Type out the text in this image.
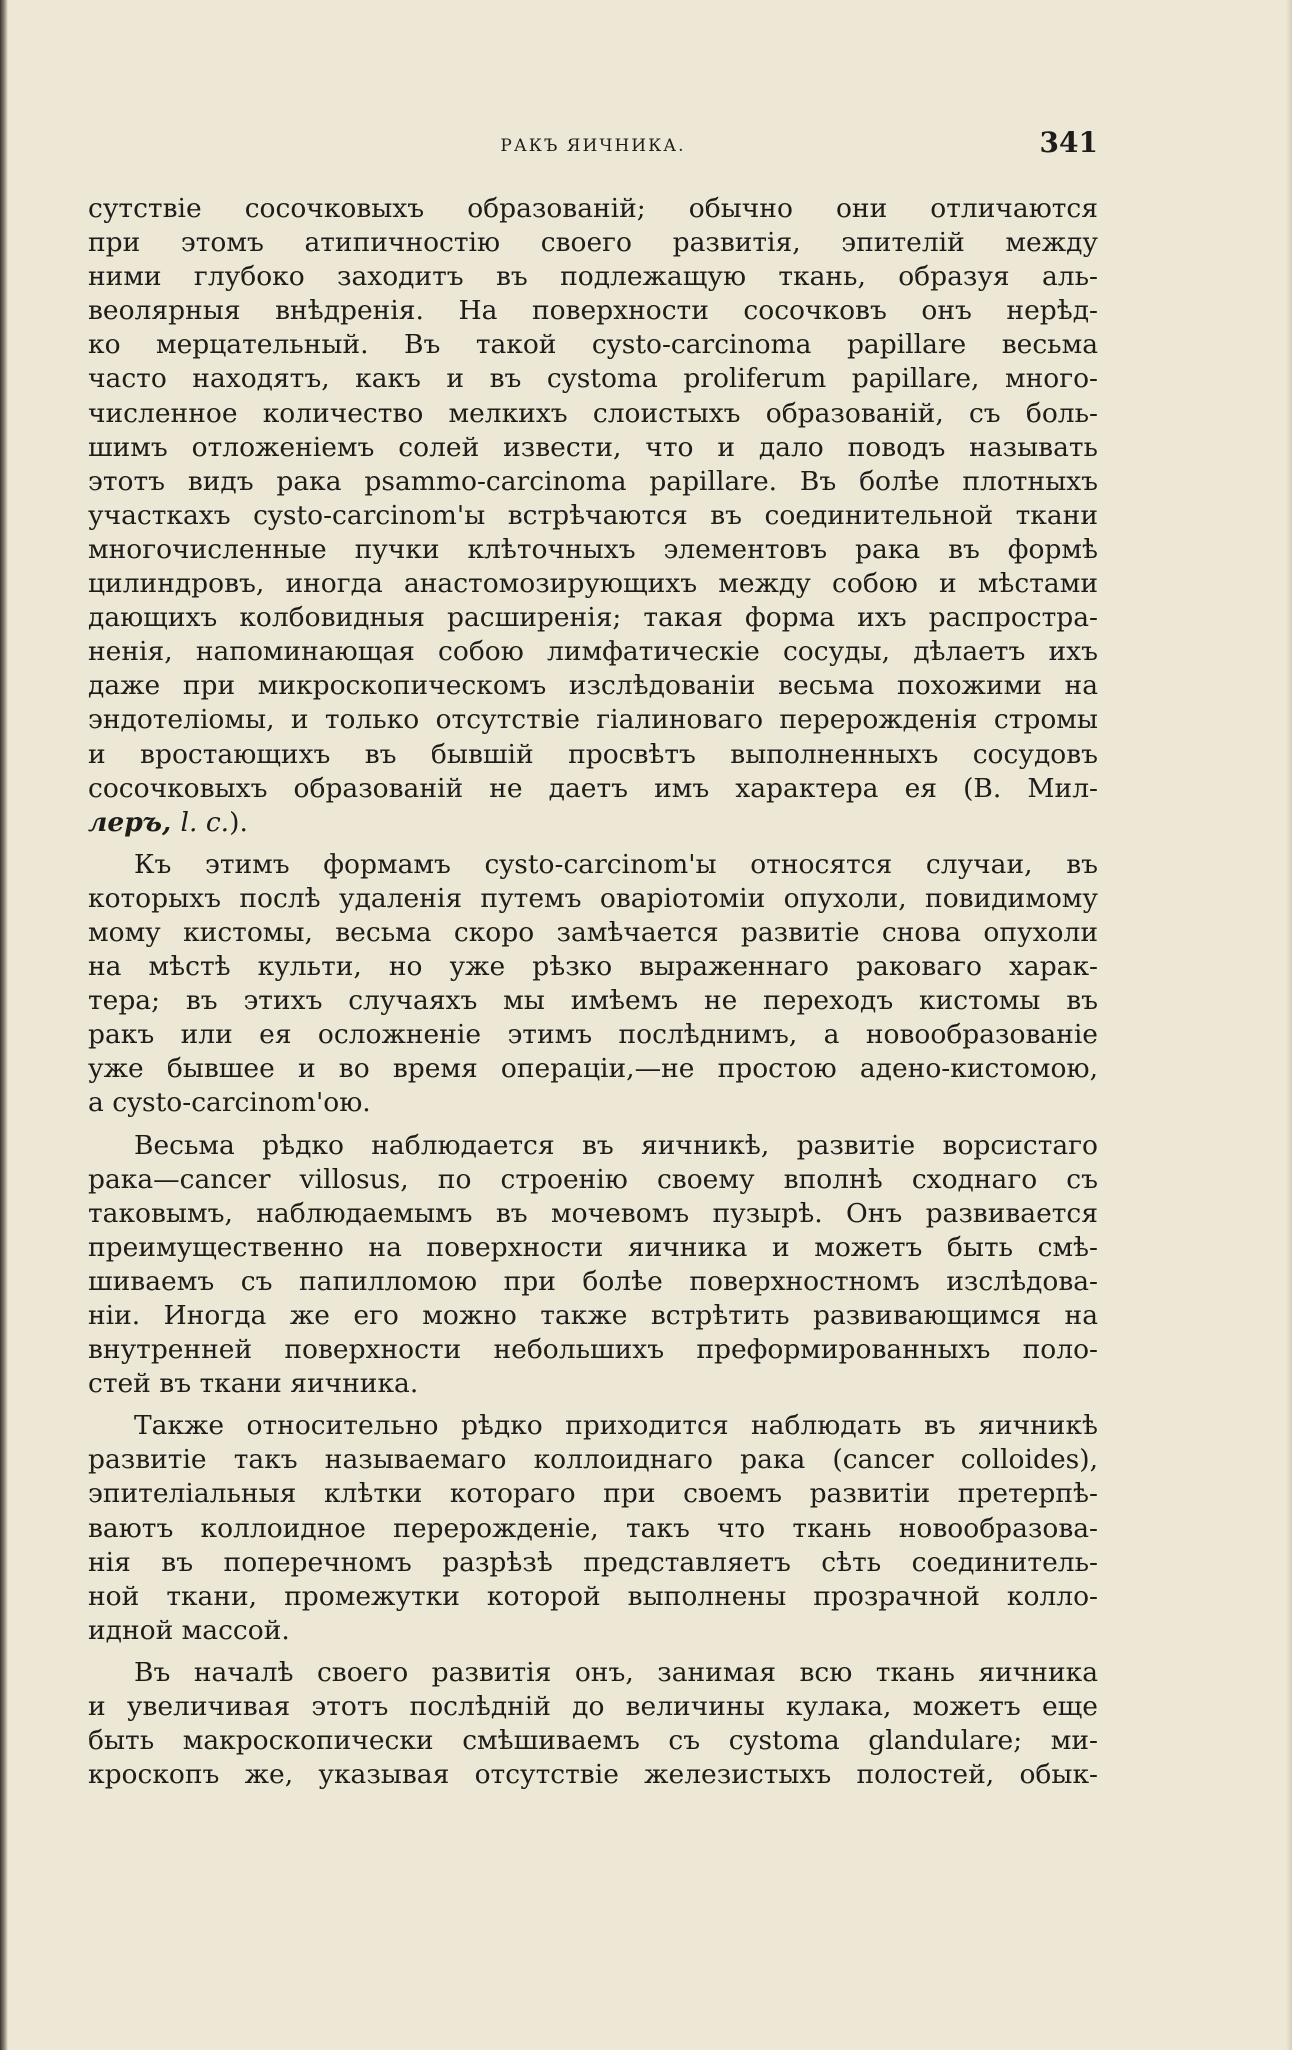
РАКЪ ЯИЧНИКА.	341
сутствіе сосочковыхъ образованій; обычно они отличаются
при этомъ атипичностію своего развитія, эпителій между
ними глубоко заходитъ въ подлежащую ткань, образуя аль-
веолярныя внѣдренія. На поверхности сосочковъ онъ нерѣд-
ко мерцательный. Въ такой cysto-carcinoma papillare весьма
часто находятъ, какъ и въ cystoma proliferum papillare, много-
численное количество мелкихъ слоистыхъ образованій, съ боль-
шимъ отложеніемъ солей извести, что и дало поводъ называть
этотъ видъ рака psammo-carcinoma papillare. Въ болѣе плотныхъ
участкахъ cysto-carcinom'ы встрѣчаются въ соединительной ткани
многочисленные пучки клѣточныхъ элементовъ рака въ формѣ
цилиндровъ, иногда анастомозирующихъ между собою и мѣстами
дающихъ колбовидныя расширенія; такая форма ихъ распростра-
ненія, напоминающая собою лимфатическіе сосуды, дѣлаетъ ихъ
даже при микроскопическомъ изслѣдованіи весьма похожими на
эндотеліомы, и только отсутствіе гіалиноваго перерожденія стромы
и вростающихъ въ бывшій просвѣтъ выполненныхъ сосудовъ
сосочковыхъ образованій не даетъ имъ характера ея (В. Мил-
леръ, l. c.).
Къ этимъ формамъ cysto-carcinom'ы относятся случаи, въ
которыхъ послѣ удаленія путемъ оваріотоміи опухоли, повидимому
мому кистомы, весьма скоро замѣчается развитіе снова опухоли
на мѣстѣ культи, но уже рѣзко выраженнаго раковаго харак-
тера; въ этихъ случаяхъ мы имѣемъ не переходъ кистомы въ
ракъ или ея осложненіе этимъ послѣднимъ, а новообразованіе
уже бывшее и во время операціи,—не простою адено-кистомою,
а cysto-carcinom'ою.
Весьма рѣдко наблюдается въ яичникѣ, развитіе ворсистаго
рака—cancer villosus, по строенію своему вполнѣ сходнаго съ
таковымъ, наблюдаемымъ въ мочевомъ пузырѣ. Онъ развивается
преимущественно на поверхности яичника и можетъ быть смѣ-
шиваемъ съ папилломою при болѣе поверхностномъ изслѣдова-
ніи. Иногда же его можно также встрѣтить развивающимся на
внутренней поверхности небольшихъ преформированныхъ поло-
стей въ ткани яичника.
Также относительно рѣдко приходится наблюдать въ яичникѣ
развитіе такъ называемаго коллоиднаго рака (cancer colloides),
эпителіальныя клѣтки котораго при своемъ развитіи претерпѣ-
ваютъ коллоидное перерожденіе, такъ что ткань новообразова-
нія въ поперечномъ разрѣзѣ представляетъ сѣть соединитель-
ной ткани, промежутки которой выполнены прозрачной колло-
идной массой.
Въ началѣ своего развитія онъ, занимая всю ткань яичника
и увеличивая этотъ послѣдній до величины кулака, можетъ еще
быть макроскопически смѣшиваемъ съ cystoma glandulare; ми-
кроскопъ же, указывая отсутствіе железистыхъ полостей, обык-
